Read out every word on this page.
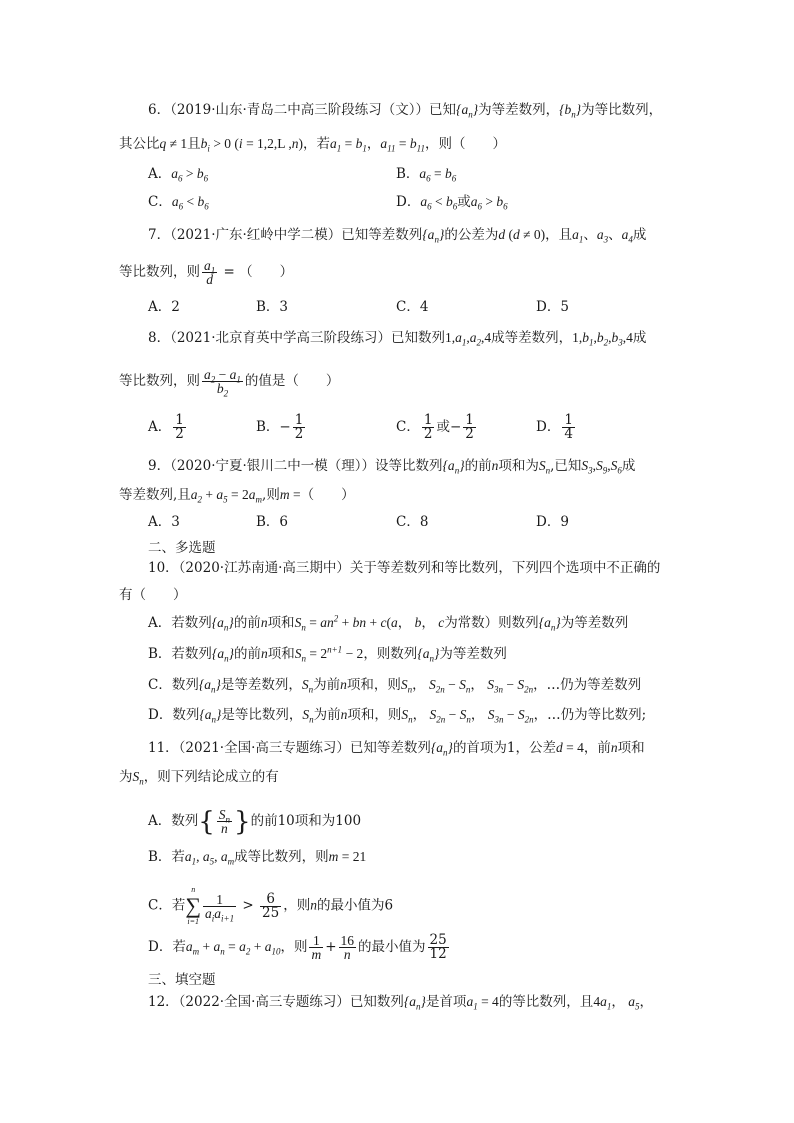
6．（2019·山东·青岛二中高三阶段练习（文））已知$\{a_n\}$为等差数列，$\{b_n\}$为等比数列，
其公比q ≠ 1且$b_i > 0$ (i = 1,2,L ,n)，若$a_1 = b_1$，$a_{11} = b_{11}$，则（　　）
A．$a_6 > b_6$	B．$a_6 = b_6$
C．$a_6 < b_6$	D．$a_6 < b_6$或$a_6 > b_6$
7．（2021·广东·红岭中学二模）已知等差数列$\{a_n\}$的公差为d (d ≠ 0)，且$a_1$、$a_3$、$a_4$成
等比数列，则 $\frac{a_1}{d}$ = （　　）
A．2	B．3	C．4	D．5
8．（2021·北京育英中学高三阶段练习）已知数列$1,a_1,a_2,4$成等差数列，$1,b_1,b_2,b_3,4$成
等比数列，则 $\frac{a_2 - a_1}{b_2}$ 的值是（　　）
A． $\frac{1}{2}$	B．− $\frac{1}{2}$	C． $\frac{1}{2}$ 或− $\frac{1}{2}$	D． $\frac{1}{4}$
9．（2020·宁夏·银川二中一模（理））设等比数列$\{a_n\}$的前n项和为$S_n$,已知$S_3,S_9,S_6$成
等差数列,且$a_2 + a_5 = 2a_m$,则m =（　　）
A．3	B．6	C．8	D．9
二、多选题
10．（2020·江苏南通·高三期中）关于等差数列和等比数列，下列四个选项中不正确的
有（　　）
A．若数列$\{a_n\}$的前n项和$S_n = an^2$ + bn + c(a， b， c为常数）则数列$\{a_n\}$为等差数列
B．若数列$\{a_n\}$的前n项和$S_n = 2^{n+1} - 2$，则数列$\{a_n\}$为等差数列
C．数列$\{a_n\}$是等差数列，$S_n$为前n项和，则$S_n$， $S_{2n} - S_n$， $S_{3n} - S_{2n}$，…仍为等差数列
D．数列$\{a_n\}$是等比数列，$S_n$为前n项和，则$S_n$， $S_{2n} - S_n$， $S_{3n} - S_{2n}$，…仍为等比数列;
11．（2021·全国·高三专题练习）已知等差数列$\{a_n\}$的首项为1，公差d = 4，前n项和
为$S_n$，则下列结论成立的有
A．数列{ $\frac{S_n}{n}$ }的前10项和为100
B．若$a_1$, $a_5$, $a_m$成等比数列，则m = 21
C．若
n
∑
i=1
$\frac{1}{a_ia_{i+1}} > \frac{6}{25}$ ，则n的最小值为6
D．若$a_m + a_n = a_2 + a_{10}$，则 $\frac{1}{m} + \frac{16}{n}$ 的最小值为 $\frac{25}{12}$
三、填空题
12．（2022·全国·高三专题练习）已知数列$\{a_n\}$是首项$a_1 = 4$的等比数列，且$4a_1$， $a_5$，
